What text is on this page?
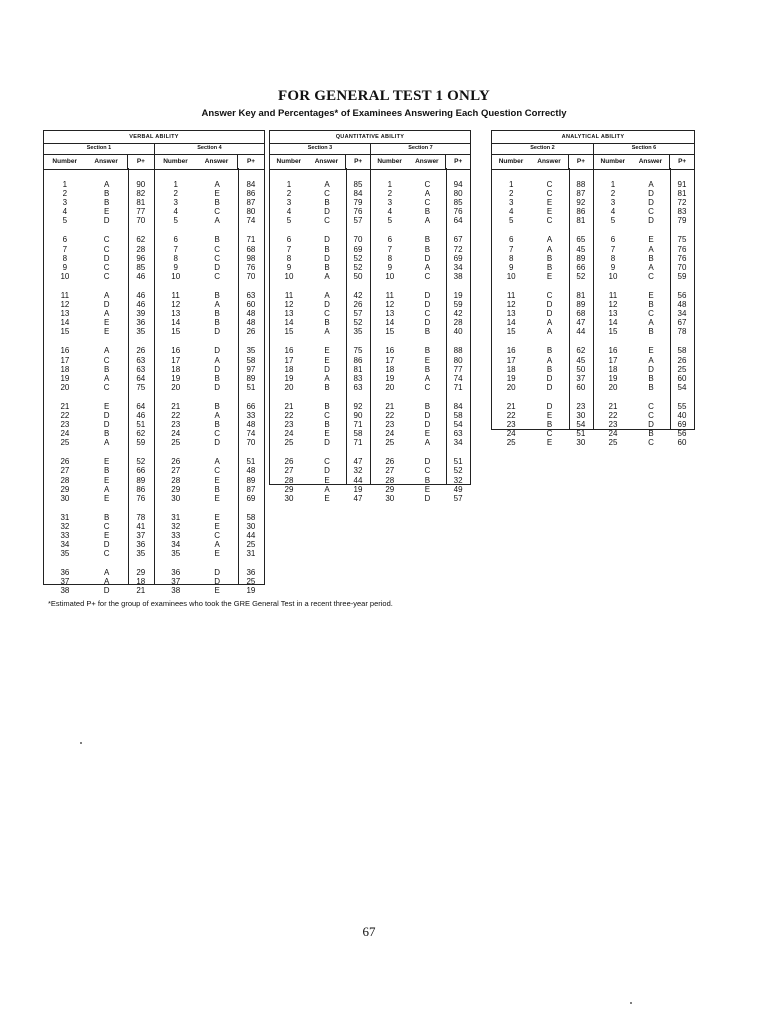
FOR GENERAL TEST 1 ONLY
Answer Key and Percentages* of Examinees Answering Each Question Correctly
VERBAL ABILITY
Section 1
Number	Answer	P+
1	A	90
2	B	82
3	B	81
4	E	77
5	D	70
6	C	62
7	C	28
8	D	96
9	C	85
10	C	46
11	A	46
12	D	46
13	A	39
14	E	36
15	E	35
16	A	26
17	C	63
18	B	63
19	A	64
20	C	75
21	E	64
22	D	46
23	D	51
24	B	62
25	A	59
26	E	52
27	B	66
28	E	89
29	A	86
30	E	76
31	B	78
32	C	41
33	E	37
34	D	36
35	C	35
36	A	29
37	A	18
38	D	21
Section 4
Number	Answer	P+
1	A	84
2	E	86
3	B	87
4	C	80
5	A	74
6	B	71
7	C	68
8	C	98
9	D	76
10	C	70
11	B	63
12	A	60
13	B	48
14	B	48
15	D	26
16	D	35
17	A	58
18	D	97
19	B	89
20	D	51
21	B	66
22	A	33
23	B	48
24	C	74
25	D	70
26	A	51
27	C	48
28	E	89
29	B	87
30	E	69
31	E	58
32	E	30
33	C	44
34	A	25
35	E	31
36	D	36
37	D	25
38	E	19
QUANTITATIVE ABILITY
Section 3
Number	Answer	P+
1	A	85
2	C	84
3	B	79
4	D	76
5	C	57
6	D	70
7	B	69
8	D	52
9	B	52
10	A	50
11	A	42
12	D	26
13	C	57
14	B	52
15	A	35
16	E	75
17	E	86
18	D	81
19	A	83
20	B	63
21	B	92
22	C	90
23	B	71
24	E	58
25	D	71
26	C	47
27	D	32
28	E	44
29	A	19
30	E	47
Section 7
Number	Answer	P+
1	C	94
2	A	80
3	C	85
4	B	76
5	A	64
6	B	67
7	B	72
8	D	69
9	A	34
10	C	38
11	D	19
12	D	59
13	C	42
14	D	28
15	B	40
16	B	88
17	E	80
18	B	77
19	A	74
20	C	71
21	B	84
22	D	58
23	D	54
24	E	63
25	A	34
26	D	51
27	C	52
28	B	32
29	E	49
30	D	57
ANALYTICAL ABILITY
Section 2
Number	Answer	P+
1	C	88
2	C	87
3	E	92
4	E	86
5	C	81
6	A	65
7	A	45
8	B	89
9	B	66
10	E	52
11	C	81
12	D	89
13	D	68
14	A	47
15	A	44
16	B	62
17	A	45
18	B	50
19	D	37
20	D	60
21	D	23
22	E	30
23	B	54
24	C	51
25	E	30
Section 6
Number	Answer	P+
1	A	91
2	D	81
3	D	72
4	C	83
5	D	79
6	E	75
7	A	76
8	B	76
9	A	70
10	C	59
11	E	56
12	B	48
13	C	34
14	A	67
15	B	78
16	E	58
17	A	26
18	D	25
19	B	60
20	B	54
21	C	55
22	C	40
23	D	69
24	B	56
25	C	60
*Estimated P+ for the group of examinees who took the GRE General Test in a recent three-year period.
67
